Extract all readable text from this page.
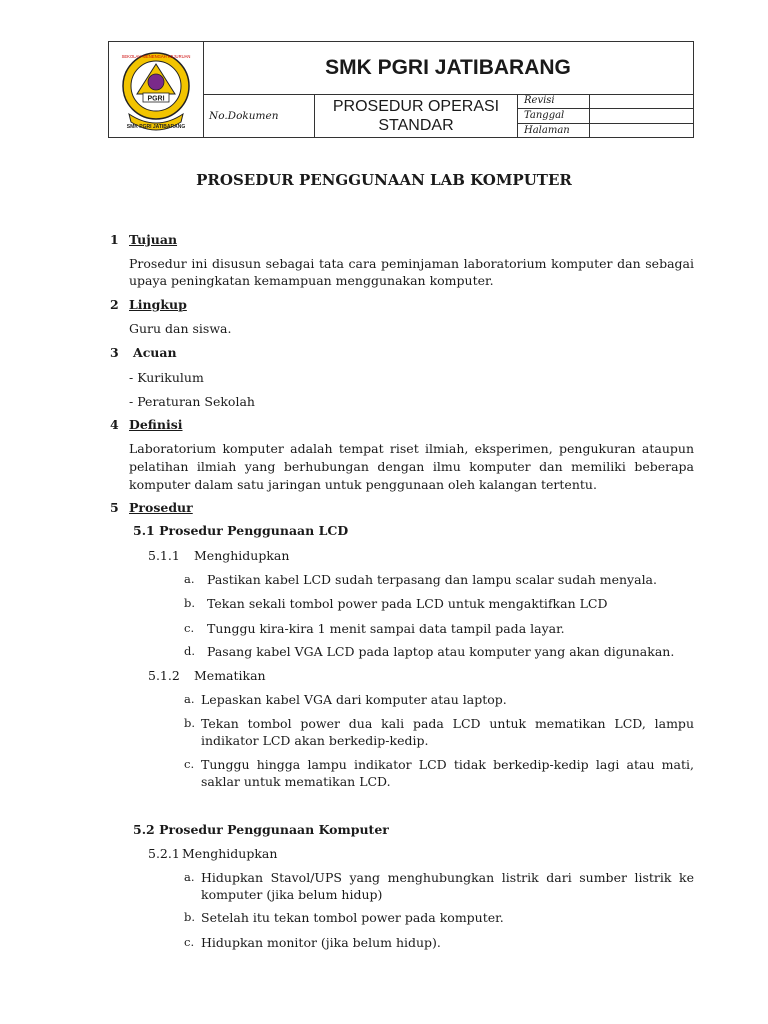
PGRI
SMK PGRI JATIBARANG
SEKOLAH MENENGAH KEJURUAN	SMK PGRI JATIBARANG
No.Dokumen
PROSEDUR OPERASI
STANDAR
Revisi
Tanggal
Halaman
PROSEDUR PENGGUNAAN LAB KOMPUTER
1 Tujuan
Prosedur ini disusun sebagai tata cara peminjaman laboratorium komputer dan sebagai
upaya peningkatan kemampuan menggunakan komputer.
2 Lingkup
Guru dan siswa.
3 Acuan
- Kurikulum
- Peraturan Sekolah
4 Definisi
Laboratorium komputer adalah tempat riset ilmiah, eksperimen, pengukuran ataupun
pelatihan ilmiah yang berhubungan dengan ilmu komputer dan memiliki beberapa
komputer dalam satu jaringan untuk penggunaan oleh kalangan tertentu.
5 Prosedur
5.1 Prosedur Penggunaan LCD
5.1.1 Menghidupkan
a. Pastikan kabel LCD sudah terpasang dan lampu scalar sudah menyala.
b. Tekan sekali tombol power pada LCD untuk mengaktifkan LCD
c. Tunggu kira-kira 1 menit sampai data tampil pada layar.
d. Pasang kabel VGA LCD pada laptop atau komputer yang akan digunakan.
5.1.2 Mematikan
a. Lepaskan kabel VGA dari komputer atau laptop.
b. Tekan tombol power dua kali pada LCD untuk mematikan LCD, lampu
indikator LCD akan berkedip-kedip.
c. Tunggu hingga lampu indikator LCD tidak berkedip-kedip lagi atau mati,
saklar untuk mematikan LCD.
5.2 Prosedur Penggunaan Komputer
5.2.1 Menghidupkan
a. Hidupkan Stavol/UPS yang menghubungkan listrik dari sumber listrik ke
komputer (jika belum hidup)
b. Setelah itu tekan tombol power pada komputer.
c. Hidupkan monitor (jika belum hidup).
